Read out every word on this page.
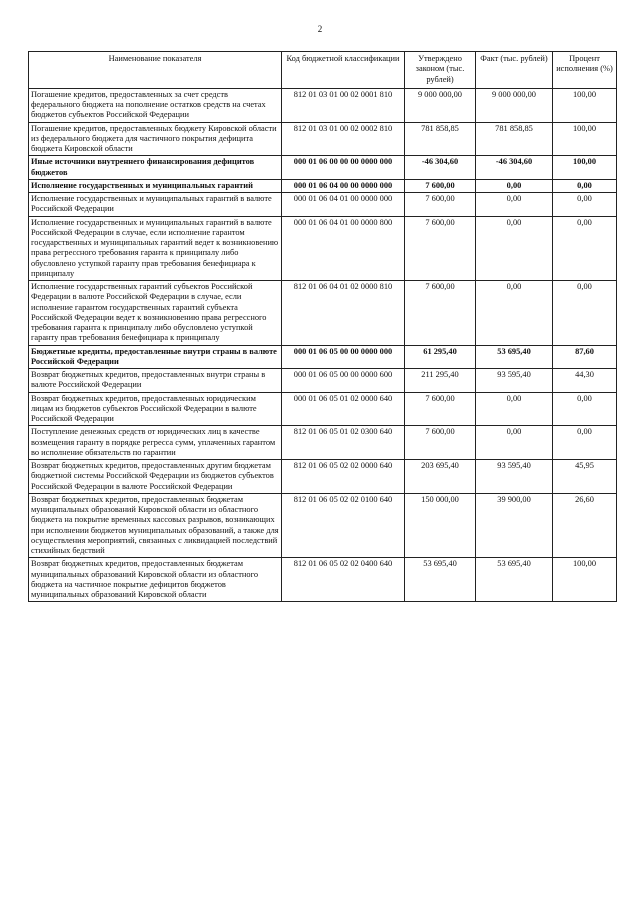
2
Наименование показателя	Код бюджетной классификации	Утверждено законом (тыс. рублей)	Факт (тыс. рублей)	Процент исполнения (%)
Погашение кредитов, предоставленных за счет средств федерального бюджета на пополнение остатков средств на счетах бюджетов субъектов Российской Федерации	812 01 03 01 00 02 0001 810	9 000 000,00	9 000 000,00	100,00
Погашение кредитов, предоставленных бюджету Кировской области из федерального бюджета для частичного покрытия дефицита бюджета Кировской области	812 01 03 01 00 02 0002 810	781 858,85	781 858,85	100,00
Иные источники внутреннего финансирования дефицитов бюджетов	000 01 06 00 00 00 0000 000	-46 304,60	-46 304,60	100,00
Исполнение государственных и муниципальных гарантий	000 01 06 04 00 00 0000 000	7 600,00	0,00	0,00
Исполнение государственных и муниципальных гарантий в валюте Российской Федерации	000 01 06 04 01 00 0000 000	7 600,00	0,00	0,00
Исполнение государственных и муниципальных гарантий в валюте Российской Федерации в случае, если исполнение гарантом государственных и муниципальных гарантий ведет к возникновению права регрессного требования гаранта к принципалу либо обусловлено уступкой гаранту прав требования бенефициара к принципалу	000 01 06 04 01 00 0000 800	7 600,00	0,00	0,00
Исполнение государственных гарантий субъектов Российской Федерации в валюте Российской Федерации в случае, если исполнение гарантом государственных гарантий субъекта Российской Федерации ведет к возникновению права регрессного требования гаранта к принципалу либо обусловлено уступкой гаранту прав требования бенефициара к принципалу	812 01 06 04 01 02 0000 810	7 600,00	0,00	0,00
Бюджетные кредиты, предоставленные внутри страны в валюте Российской Федерации	000 01 06 05 00 00 0000 000	61 295,40	53 695,40	87,60
Возврат бюджетных кредитов, предоставленных внутри страны в валюте Российской Федерации	000 01 06 05 00 00 0000 600	211 295,40	93 595,40	44,30
Возврат бюджетных кредитов, предоставленных юридическим лицам из бюджетов субъектов Российской Федерации в валюте Российской Федерации	000 01 06 05 01 02 0000 640	7 600,00	0,00	0,00
Поступление денежных средств от юридических лиц в качестве возмещения гаранту в порядке регресса сумм, уплаченных гарантом во исполнение обязательств по гарантии	812 01 06 05 01 02 0300 640	7 600,00	0,00	0,00
Возврат бюджетных кредитов, предоставленных другим бюджетам бюджетной системы Российской Федерации из бюджетов субъектов Российской Федерации в валюте Российской Федерации	812 01 06 05 02 02 0000 640	203 695,40	93 595,40	45,95
Возврат бюджетных кредитов, предоставленных бюджетам муниципальных образований Кировской области из областного бюджета на покрытие временных кассовых разрывов, возникающих при исполнении бюджетов муниципальных образований, а также для осуществления мероприятий, связанных с ликвидацией последствий стихийных бедствий	812 01 06 05 02 02 0100 640	150 000,00	39 900,00	26,60
Возврат бюджетных кредитов, предоставленных бюджетам муниципальных образований Кировской области из областного бюджета на частичное покрытие дефицитов бюджетов муниципальных образований Кировской области	812 01 06 05 02 02 0400 640	53 695,40	53 695,40	100,00
